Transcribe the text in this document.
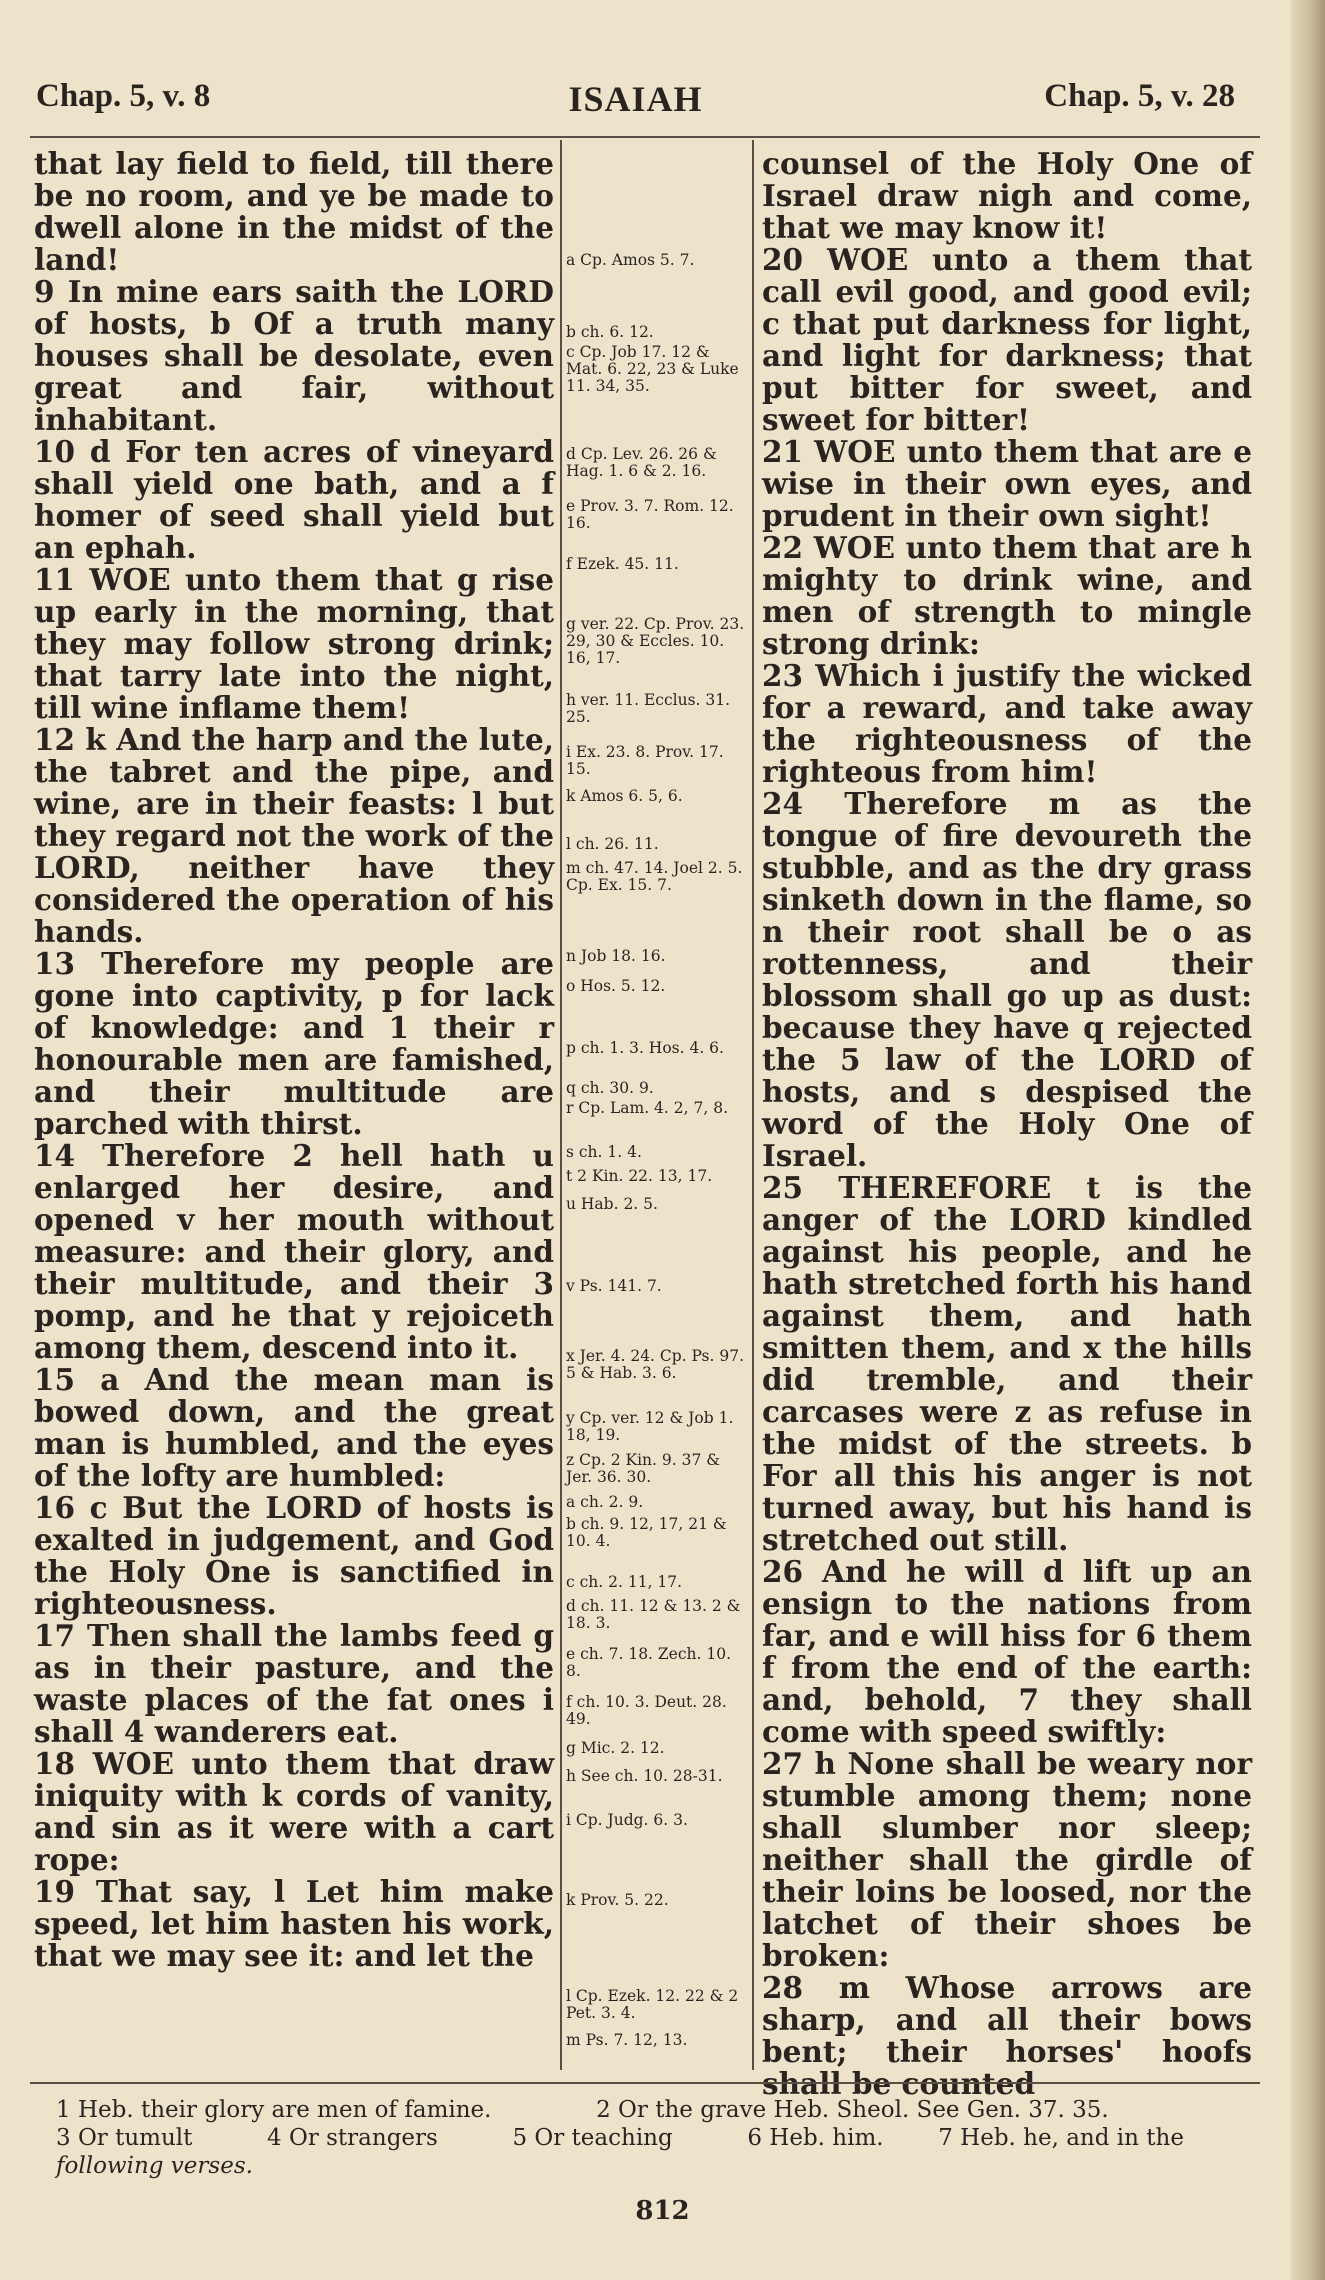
Chap. 5, v. 8	ISAIAH	Chap. 5, v. 28

that lay field to field, till there be no room, and ye be made to dwell alone in the midst of the land!

9 In mine ears saith the LORD of hosts, b Of a truth many houses shall be desolate, even great and fair, without inhabitant.

10 d For ten acres of vineyard shall yield one bath, and a f homer of seed shall yield but an ephah.

11 WOE unto them that g rise up early in the morning, that they may follow strong drink; that tarry late into the night, till wine inflame them!

12 k And the harp and the lute, the tabret and the pipe, and wine, are in their feasts: l but they regard not the work of the LORD, neither have they considered the operation of his hands.

13 Therefore my people are gone into captivity, p for lack of knowledge: and 1 their r honourable men are famished, and their multitude are parched with thirst.

14 Therefore 2 hell hath u enlarged her desire, and opened v her mouth without measure: and their glory, and their multitude, and their 3 pomp, and he that y rejoiceth among them, descend into it.

15 a And the mean man is bowed down, and the great man is humbled, and the eyes of the lofty are humbled:

16 c But the LORD of hosts is exalted in judgement, and God the Holy One is sanctified in righteousness.

17 Then shall the lambs feed g as in their pasture, and the waste places of the fat ones i shall 4 wanderers eat.

18 WOE unto them that draw iniquity with k cords of vanity, and sin as it were with a cart rope:

19 That say, l Let him make speed, let him hasten his work, that we may see it: and let the

a Cp. Amos 5. 7.
b ch. 6. 12.
c Cp. Job 17. 12 & Mat. 6. 22, 23 & Luke 11. 34, 35.
d Cp. Lev. 26. 26 & Hag. 1. 6 & 2. 16.
e Prov. 3. 7. Rom. 12. 16.
f Ezek. 45. 11.
g ver. 22. Cp. Prov. 23. 29, 30 & Eccles. 10. 16, 17.
h ver. 11. Ecclus. 31. 25.
i Ex. 23. 8. Prov. 17. 15.
k Amos 6. 5, 6.
l ch. 26. 11.
m ch. 47. 14. Joel 2. 5. Cp. Ex. 15. 7.
n Job 18. 16.
o Hos. 5. 12.
p ch. 1. 3. Hos. 4. 6.
q ch. 30. 9.
r Cp. Lam. 4. 2, 7, 8.
s ch. 1. 4.
t 2 Kin. 22. 13, 17.
u Hab. 2. 5.
v Ps. 141. 7.
x Jer. 4. 24. Cp. Ps. 97. 5 & Hab. 3. 6.
y Cp. ver. 12 & Job 1. 18, 19.
z Cp. 2 Kin. 9. 37 & Jer. 36. 30.
a ch. 2. 9.
b ch. 9. 12, 17, 21 & 10. 4.
c ch. 2. 11, 17.
d ch. 11. 12 & 13. 2 & 18. 3.
e ch. 7. 18. Zech. 10. 8.
f ch. 10. 3. Deut. 28. 49.
g Mic. 2. 12.
h See ch. 10. 28-31.
i Cp. Judg. 6. 3.
k Prov. 5. 22.
l Cp. Ezek. 12. 22 & 2 Pet. 3. 4.
m Ps. 7. 12, 13.

counsel of the Holy One of Israel draw nigh and come, that we may know it!

20 WOE unto a them that call evil good, and good evil; c that put darkness for light, and light for darkness; that put bitter for sweet, and sweet for bitter!

21 WOE unto them that are e wise in their own eyes, and prudent in their own sight!

22 WOE unto them that are h mighty to drink wine, and men of strength to mingle strong drink:

23 Which i justify the wicked for a reward, and take away the righteousness of the righteous from him!

24 Therefore m as the tongue of fire devoureth the stubble, and as the dry grass sinketh down in the flame, so n their root shall be o as rottenness, and their blossom shall go up as dust: because they have q rejected the 5 law of the LORD of hosts, and s despised the word of the Holy One of Israel.

25 THEREFORE t is the anger of the LORD kindled against his people, and he hath stretched forth his hand against them, and hath smitten them, and x the hills did tremble, and their carcases were z as refuse in the midst of the streets. b For all this his anger is not turned away, but his hand is stretched out still.

26 And he will d lift up an ensign to the nations from far, and e will hiss for 6 them f from the end of the earth: and, behold, 7 they shall come with speed swiftly:

27 h None shall be weary nor stumble among them; none shall slumber nor sleep; neither shall the girdle of their loins be loosed, nor the latchet of their shoes be broken:

28 m Whose arrows are sharp, and all their bows bent; their horses' hoofs shall be counted

1 Heb. their glory are men of famine.	2 Or the grave Heb. Sheol. See Gen. 37. 35.
3 Or tumult	4 Or strangers	5 Or teaching	6 Heb. him. 7 Heb. he, and in the
following verses.
812
